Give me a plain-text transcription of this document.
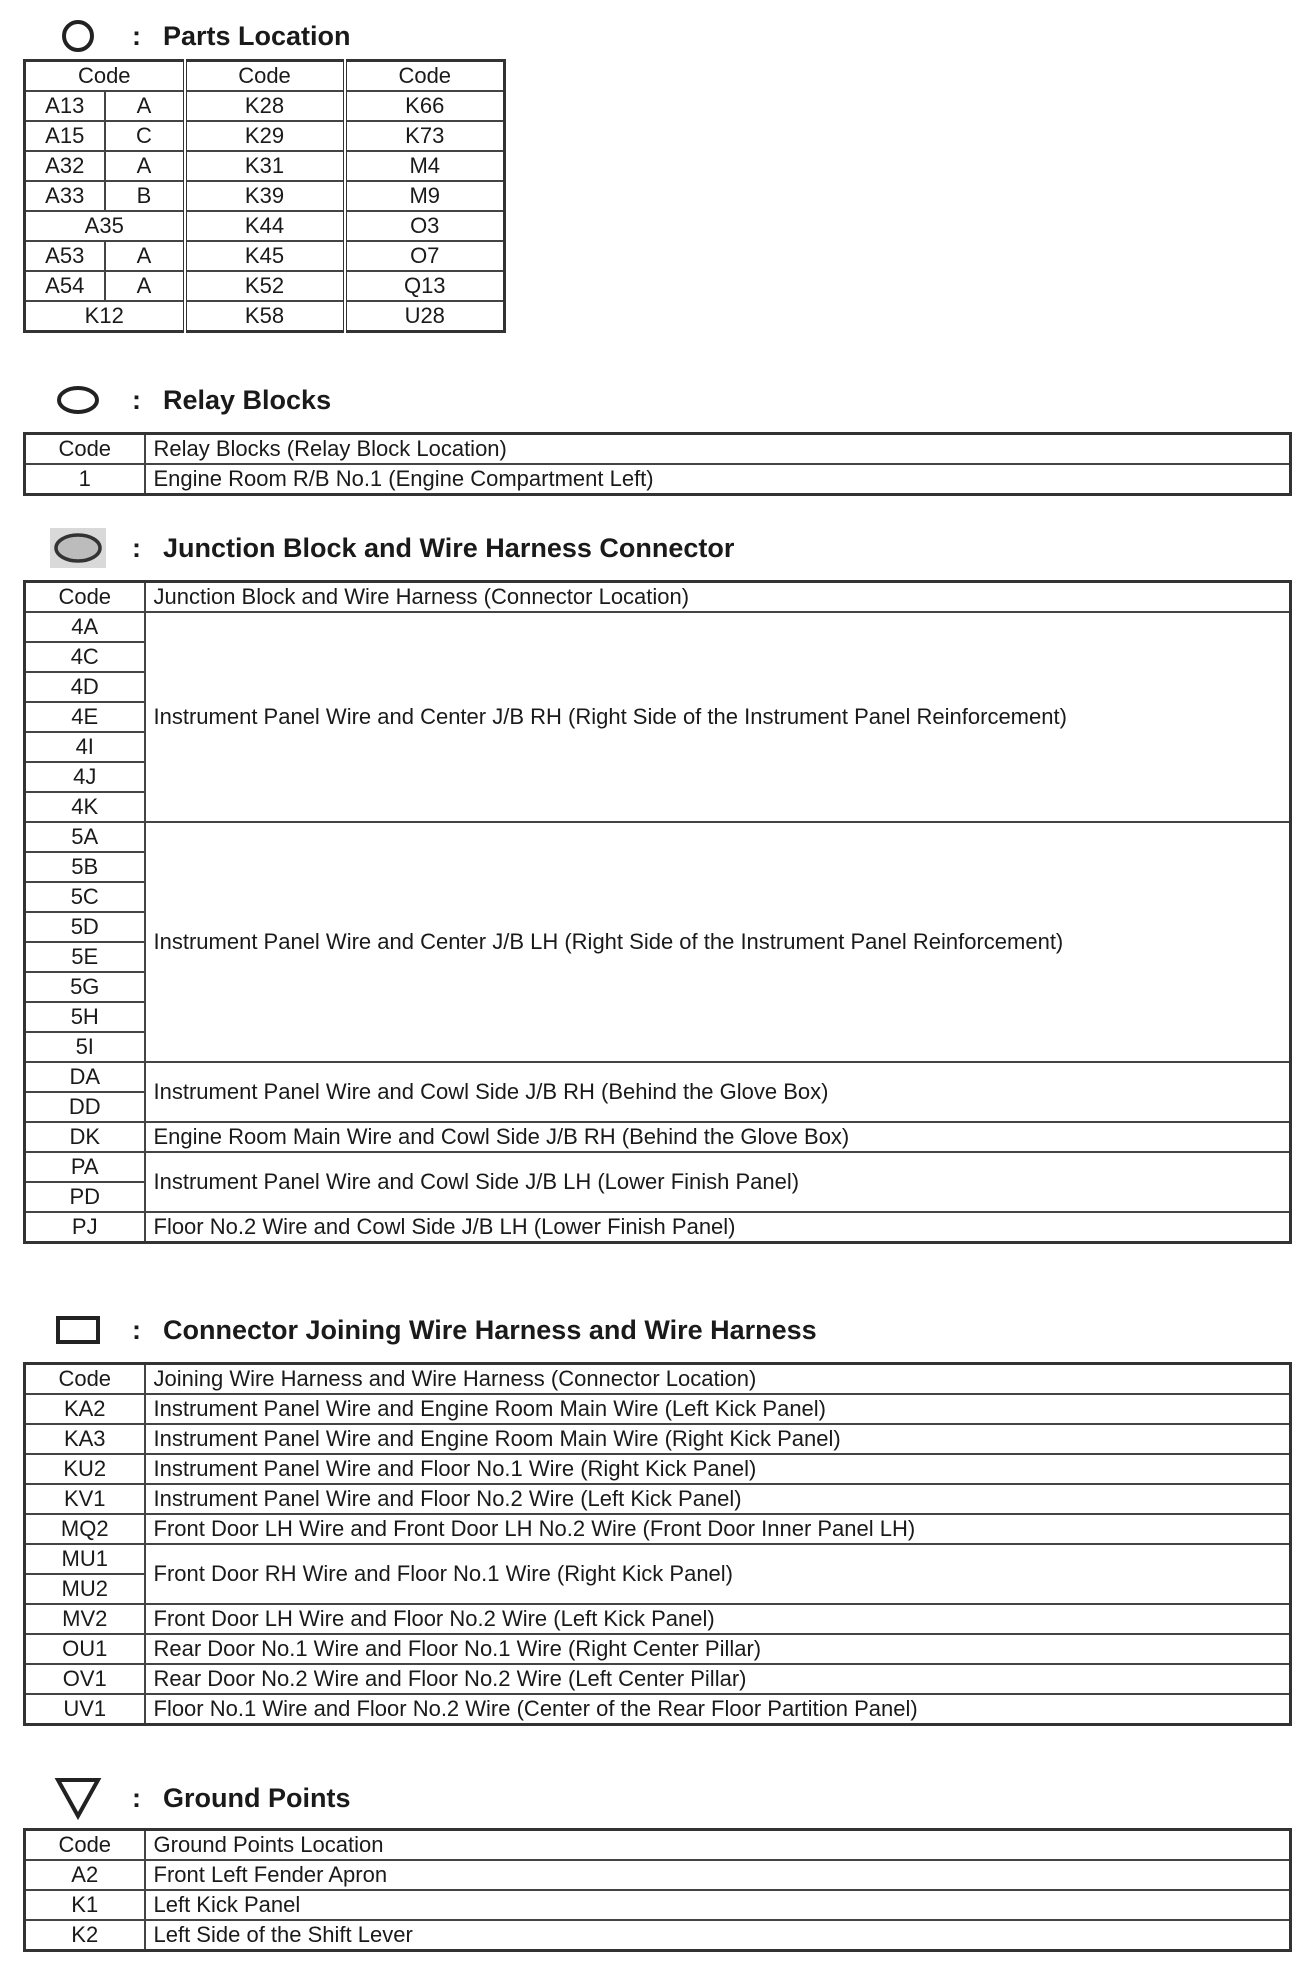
: Parts Location
Code		Code	Code
A13	A	K28	K66
A15	C	K29	K73
A32	A	K31	M4
A33	B	K39	M9
A35		K44	O3
A53	A	K45	O7
A54	A	K52	Q13
K12		K58	U28
: Relay Blocks
Code	Relay Blocks (Relay Block Location)
1	Engine Room R/B No.1 (Engine Compartment Left)
: Junction Block and Wire Harness Connector
Code	Junction Block and Wire Harness (Connector Location)
4A	Instrument Panel Wire and Center J/B RH (Right Side of the Instrument Panel Reinforcement)
4C	
4D	
4E	
4I	
4J	
4K	
5A	Instrument Panel Wire and Center J/B LH (Right Side of the Instrument Panel Reinforcement)
5B	
5C	
5D	
5E	
5G	
5H	
5I	
DA	Instrument Panel Wire and Cowl Side J/B RH (Behind the Glove Box)
DD	
DK	Engine Room Main Wire and Cowl Side J/B RH (Behind the Glove Box)
PA	Instrument Panel Wire and Cowl Side J/B LH (Lower Finish Panel)
PD	
PJ	Floor No.2 Wire and Cowl Side J/B LH (Lower Finish Panel)
: Connector Joining Wire Harness and Wire Harness
Code	Joining Wire Harness and Wire Harness (Connector Location)
KA2	Instrument Panel Wire and Engine Room Main Wire (Left Kick Panel)
KA3	Instrument Panel Wire and Engine Room Main Wire (Right Kick Panel)
KU2	Instrument Panel Wire and Floor No.1 Wire (Right Kick Panel)
KV1	Instrument Panel Wire and Floor No.2 Wire (Left Kick Panel)
MQ2	Front Door LH Wire and Front Door LH No.2 Wire (Front Door Inner Panel LH)
MU1	Front Door RH Wire and Floor No.1 Wire (Right Kick Panel)
MU2	
MV2	Front Door LH Wire and Floor No.2 Wire (Left Kick Panel)
OU1	Rear Door No.1 Wire and Floor No.1 Wire (Right Center Pillar)
OV1	Rear Door No.2 Wire and Floor No.2 Wire (Left Center Pillar)
UV1	Floor No.1 Wire and Floor No.2 Wire (Center of the Rear Floor Partition Panel)
: Ground Points
Code	Ground Points Location
A2	Front Left Fender Apron
K1	Left Kick Panel
K2	Left Side of the Shift Lever
